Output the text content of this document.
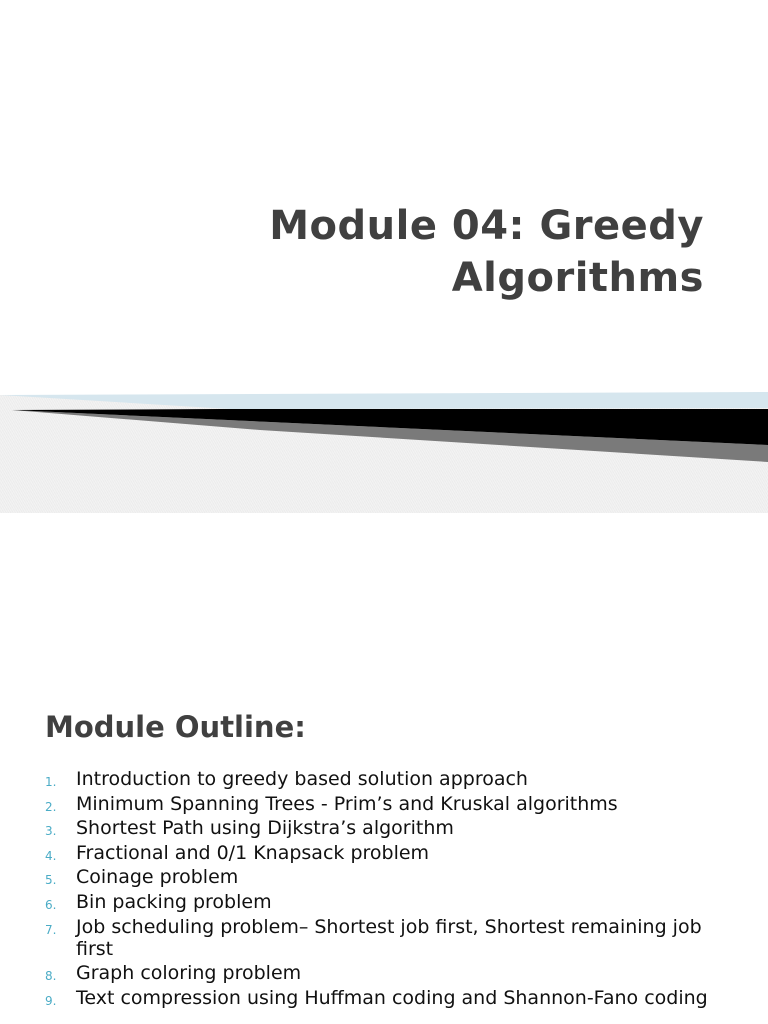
Module 04: Greedy
Algorithms
Module Outline:
1. Introduction to greedy based solution approach
2. Minimum Spanning Trees - Prim’s and Kruskal algorithms
3. Shortest Path using Dijkstra’s algorithm
4. Fractional and 0/1 Knapsack problem
5. Coinage problem
6. Bin packing problem
7. Job scheduling problem– Shortest job first, Shortest remaining job first
8. Graph coloring problem
9. Text compression using Huffman coding and Shannon-Fano coding
